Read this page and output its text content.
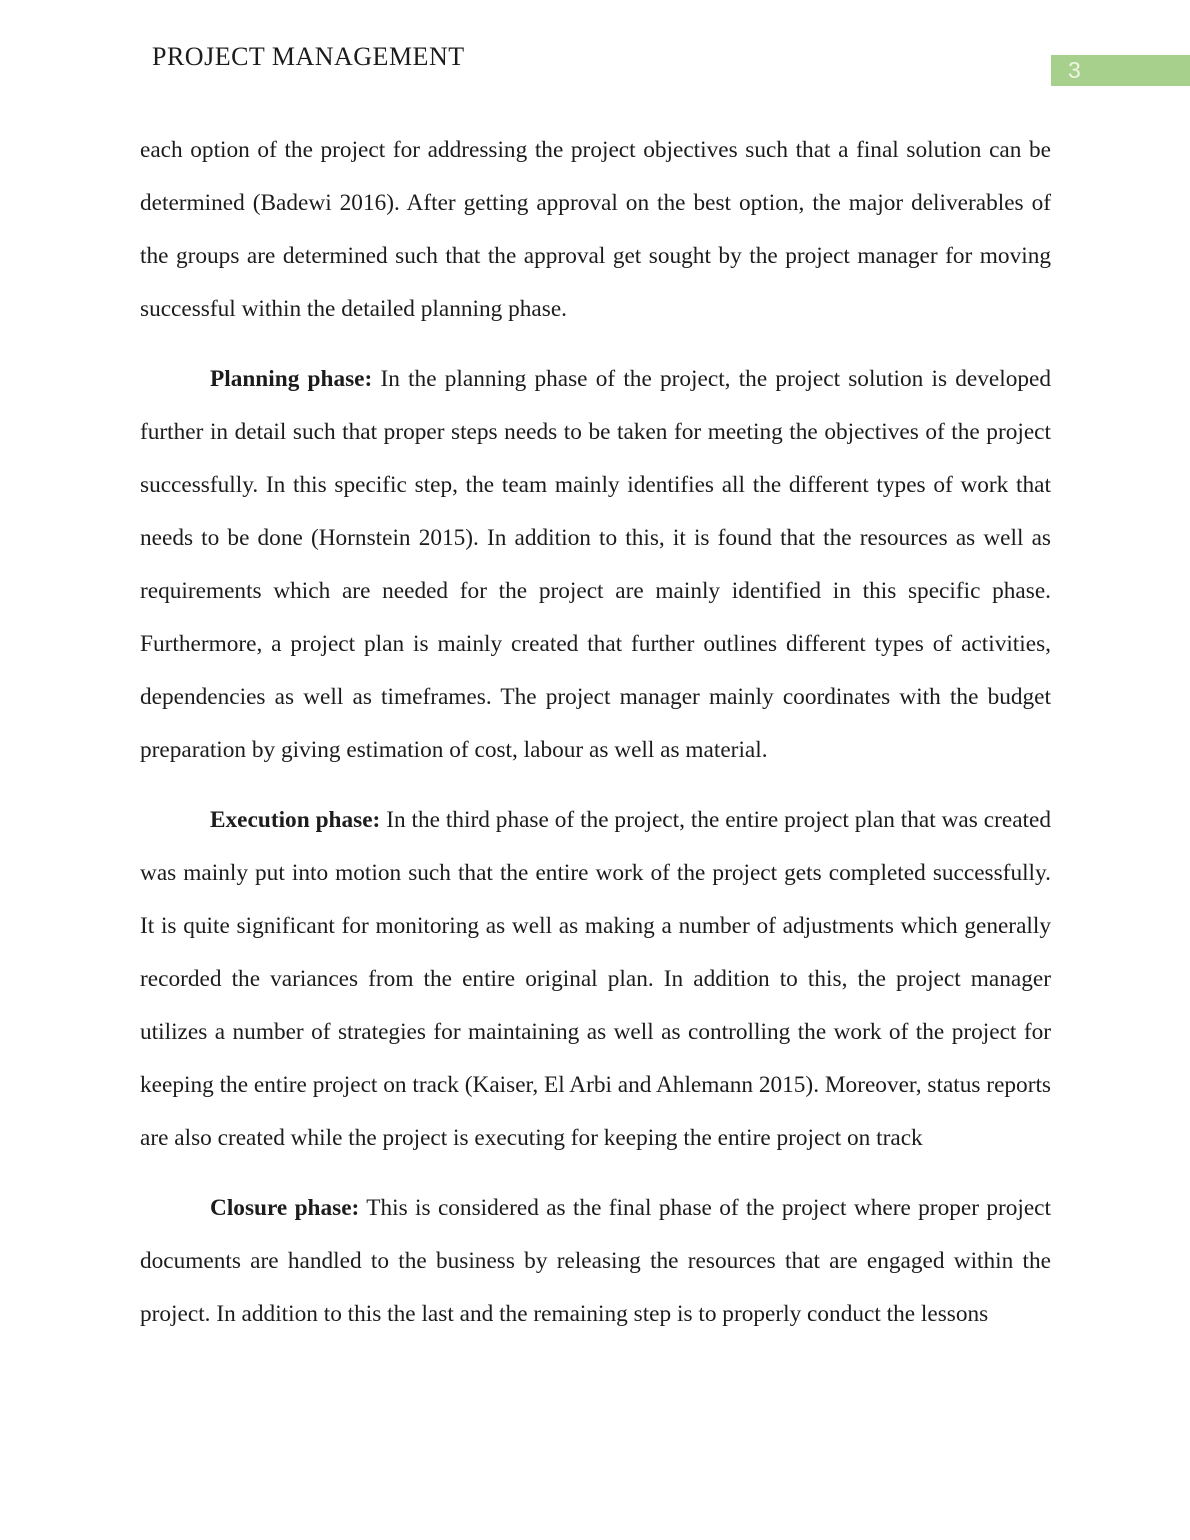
PROJECT MANAGEMENT	3

each option of the project for addressing the project objectives such that a final solution can be determined (Badewi 2016). After getting approval on the best option, the major deliverables of the groups are determined such that the approval get sought by the project manager for moving successful within the detailed planning phase.

Planning phase: In the planning phase of the project, the project solution is developed further in detail such that proper steps needs to be taken for meeting the objectives of the project successfully. In this specific step, the team mainly identifies all the different types of work that needs to be done (Hornstein 2015). In addition to this, it is found that the resources as well as requirements which are needed for the project are mainly identified in this specific phase. Furthermore, a project plan is mainly created that further outlines different types of activities, dependencies as well as timeframes. The project manager mainly coordinates with the budget preparation by giving estimation of cost, labour as well as material.

Execution phase: In the third phase of the project, the entire project plan that was created was mainly put into motion such that the entire work of the project gets completed successfully. It is quite significant for monitoring as well as making a number of adjustments which generally recorded the variances from the entire original plan. In addition to this, the project manager utilizes a number of strategies for maintaining as well as controlling the work of the project for keeping the entire project on track (Kaiser, El Arbi and Ahlemann 2015). Moreover, status reports are also created while the project is executing for keeping the entire project on track

Closure phase: This is considered as the final phase of the project where proper project documents are handled to the business by releasing the resources that are engaged within the project. In addition to this the last and the remaining step is to properly conduct the lessons
